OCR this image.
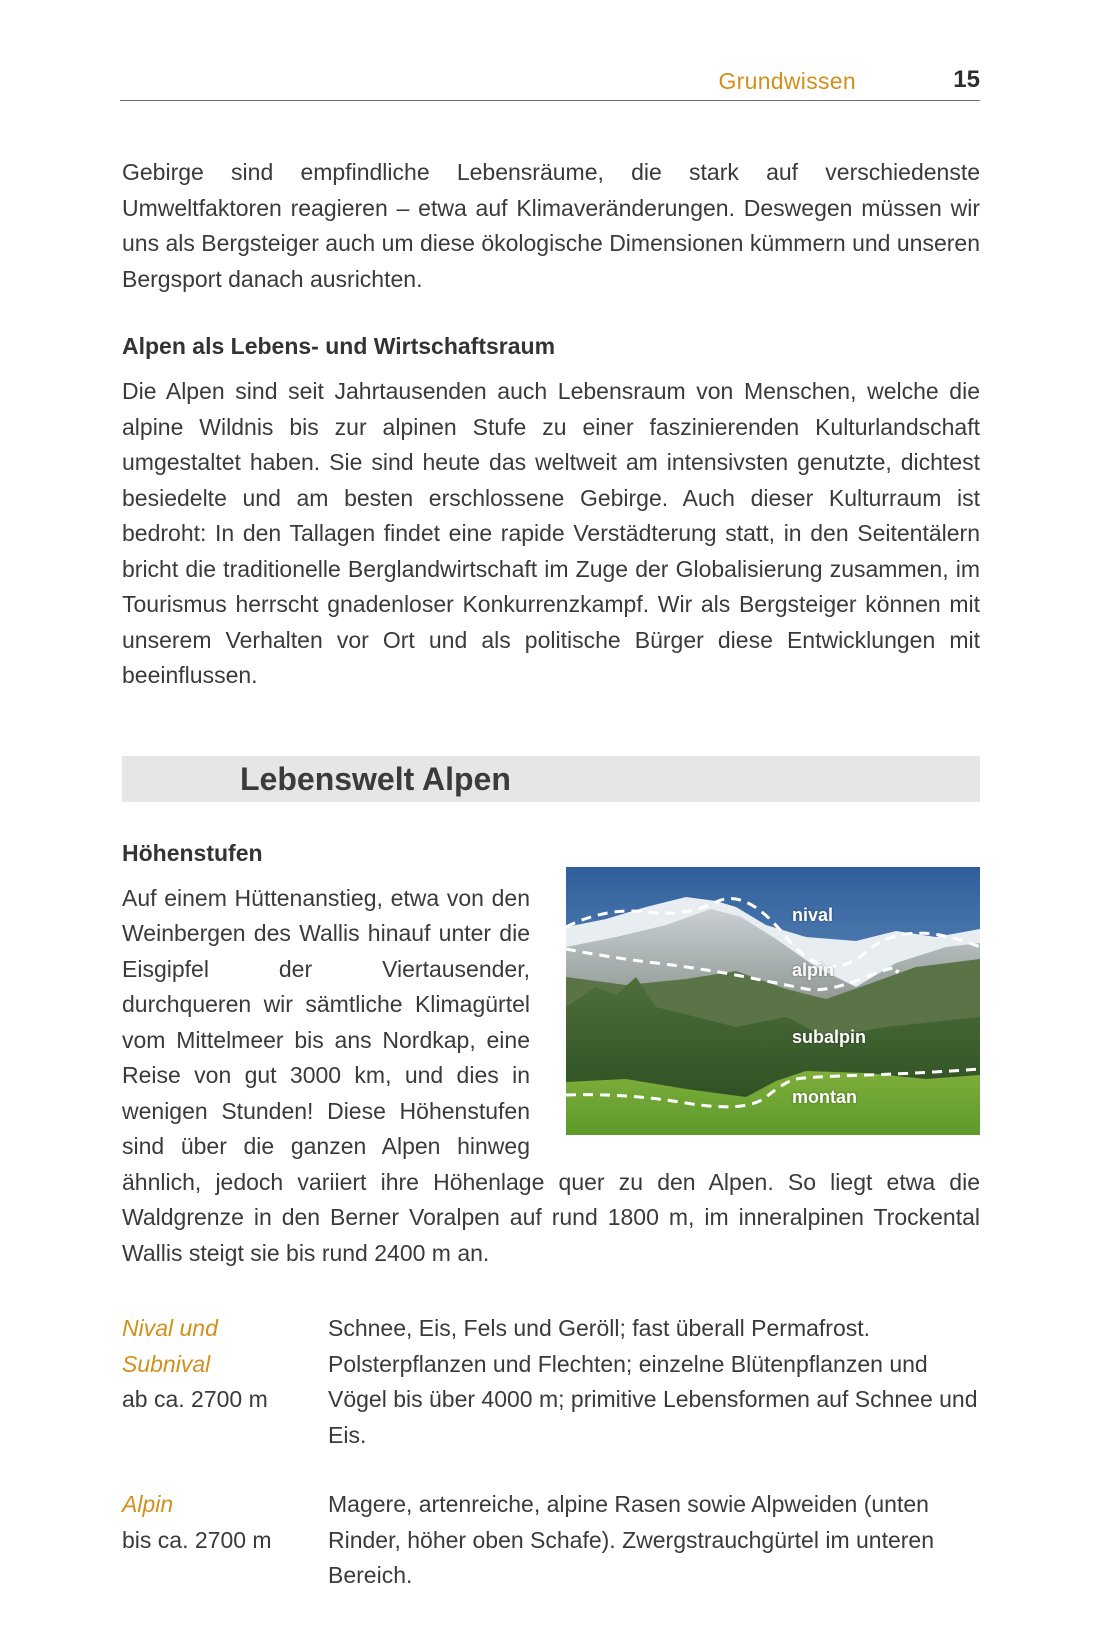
Grundwissen	15

Gebirge sind empfindliche Lebensräume, die stark auf verschiedenste Umweltfaktoren reagieren – etwa auf Klimaveränderungen. Deswegen müssen wir uns als Bergsteiger auch um diese ökologische Dimensionen kümmern und unseren Bergsport danach ausrichten.

Alpen als Lebens- und Wirtschaftsraum

Die Alpen sind seit Jahrtausenden auch Lebensraum von Menschen, welche die alpine Wildnis bis zur alpinen Stufe zu einer faszinierenden Kulturlandschaft umgestaltet haben. Sie sind heute das weltweit am intensivsten genutzte, dichtest besiedelte und am besten erschlossene Gebirge. Auch dieser Kulturraum ist bedroht: In den Tallagen findet eine rapide Verstädterung statt, in den Seitentälern bricht die traditionelle Berglandwirtschaft im Zuge der Globalisierung zusammen, im Tourismus herrscht gnadenloser Konkurrenzkampf. Wir als Bergsteiger können mit unserem Verhalten vor Ort und als politische Bürger diese Entwicklungen mit beeinflussen.

Lebenswelt Alpen
Höhenstufen
nival
alpin
subalpin
montan

Auf einem Hüttenanstieg, etwa von den Weinbergen des Wallis hinauf unter die Eisgipfel der Viertausender, durchqueren wir sämtliche Klimagürtel vom Mittelmeer bis ans Nordkap, eine Reise von gut 3000 km, und dies in wenigen Stunden! Diese Höhenstufen sind über die ganzen Alpen hinweg ähnlich, jedoch variiert ihre Höhenlage quer zu den Alpen. So liegt etwa die Waldgrenze in den Berner Voralpen auf rund 1800 m, im inneralpinen Trockental Wallis steigt sie bis rund 2400 m an.

Nival und
Subnival
ab ca. 2700 m
Schnee, Eis, Fels und Geröll; fast überall Permafrost. Polsterpflanzen und Flechten; einzelne Blütenpflanzen und Vögel bis über 4000 m; primitive Lebensformen auf Schnee und Eis.
Alpin
bis ca. 2700 m
Magere, artenreiche, alpine Rasen sowie Alpweiden (unten Rinder, höher oben Schafe). Zwergstrauchgürtel im unteren Bereich.
